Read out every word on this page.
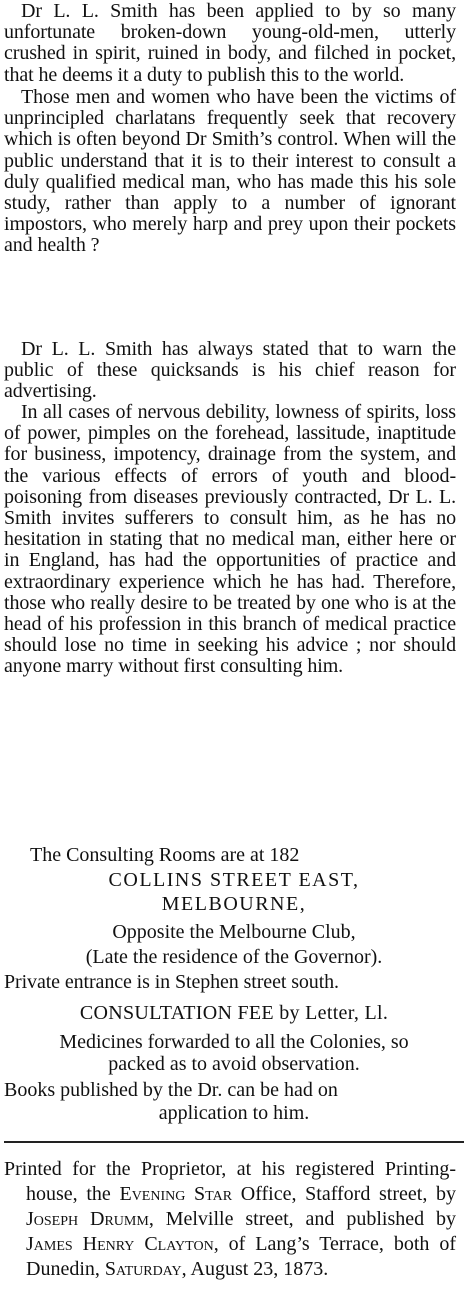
Dr L. L. Smith has been applied to by so many unfortunate broken-down young-old-men, utterly crushed in spirit, ruined in body, and filched in pocket, that he deems it a duty to publish this to the world.

Those men and women who have been the victims of unprincipled charlatans frequently seek that recovery which is often beyond Dr Smith’s control. When will the public understand that it is to their interest to consult a duly qualified medical man, who has made this his sole study, rather than apply to a number of ignorant impostors, who merely harp and prey upon their pockets and health ?

Dr L. L. Smith has always stated that to warn the public of these quicksands is his chief reason for advertising.

In all cases of nervous debility, lowness of spirits, loss of power, pimples on the forehead, lassitude, inaptitude for business, impotency, drainage from the system, and the various effects of errors of youth and blood-poisoning from diseases previously contracted, Dr L. L. Smith invites sufferers to consult him, as he has no hesitation in stating that no medical man, either here or in England, has had the opportunities of practice and extraordinary experience which he has had. Therefore, those who really desire to be treated by one who is at the head of his profession in this branch of medical practice should lose no time in seeking his advice ; nor should anyone marry without first consulting him.

The Consulting Rooms are at 182

COLLINS STREET EAST,

MELBOURNE,

Opposite the Melbourne Club,

(Late the residence of the Governor).

Private entrance is in Stephen street south.

CONSULTATION FEE by Letter, Ll.

Medicines forwarded to all the Colonies, so

packed as to avoid observation.

Books published by the Dr. can be had on

application to him.

Printed for the Proprietor, at his registered Printing-house, the Evening Star Office, Stafford street, by Joseph Drumm, Melville street, and published by James Henry Clayton, of Lang’s Terrace, both of Dunedin, Saturday, August 23, 1873.
